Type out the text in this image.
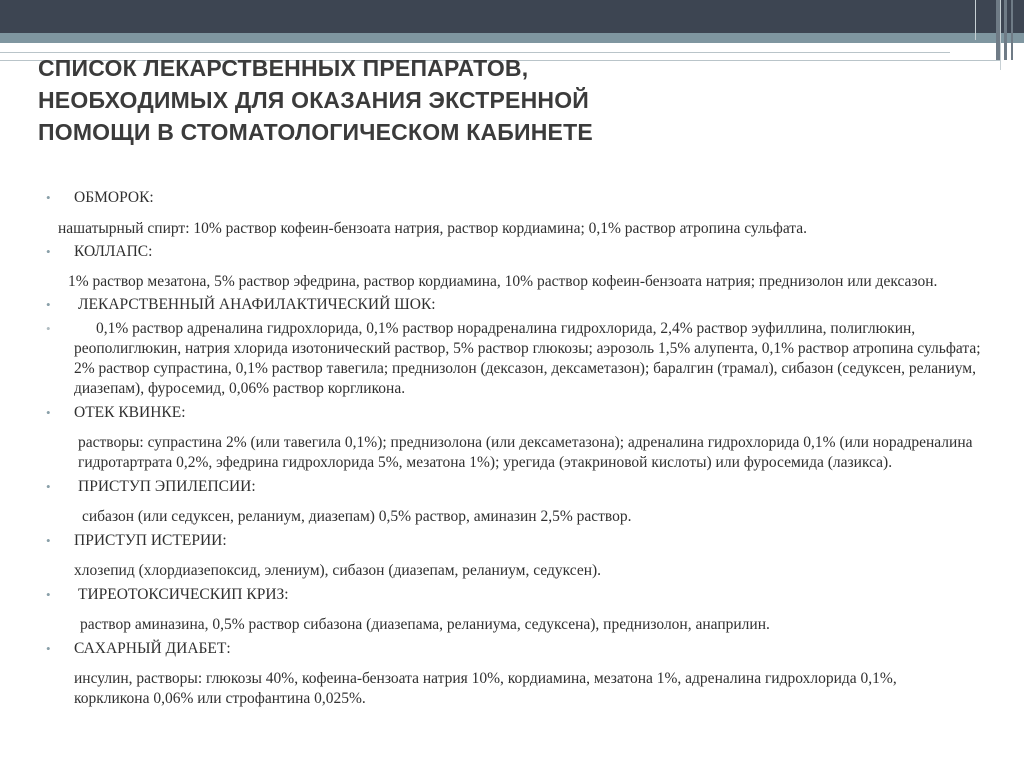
СПИСОК ЛЕКАРСТВЕННЫХ ПРЕПАРАТОВ,
НЕОБХОДИМЫХ ДЛЯ ОКАЗАНИЯ ЭКСТРЕННОЙ
ПОМОЩИ В СТОМАТОЛОГИЧЕСКОМ КАБИНЕТЕ
• ОБМОРОК:

нашатырный спирт: 10% раствор кофеин-бензоата натрия, раствор кордиамина; 0,1% раствор атропина сульфата.

• КОЛЛАПС:

1% раствор мезатона, 5% раствор эфедрина, раствор кордиамина, 10% раствор кофеин-бензоата натрия; преднизолон или дексазон.

• ЛЕКАРСТВЕННЫЙ АНАФИЛАКТИЧЕСКИЙ ШОК:
•	0,1% раствор адреналина гидрохлорида, 0,1% раствор норадреналина гидрохлорида, 2,4% раствор эуфиллина, полиглюкин, реополиглюкин, натрия хлорида изотонический раствор, 5% раствор глюкозы; аэрозоль 1,5% алупента, 0,1% раствор атропина сульфата; 2% раствор супрастина, 0,1% раствор тавегила; преднизолон (дексазон, дексаметазон); баралгин (трамал), сибазон (седуксен, реланиум, диазепам), фуросемид, 0,06% раствор коргликона.

• ОТЕК КВИНКЕ:

растворы: супрастина 2% (или тавегила 0,1%); преднизолона (или дексаметазона); адреналина гидрохлорида 0,1% (или норадреналина гидротартрата 0,2%, эфедрина гидрохлорида 5%, мезатона 1%); урегида (этакриновой кислоты) или фуросемида (лазикса).

• ПРИСТУП ЭПИЛЕПСИИ:

сибазон (или седуксен, реланиум, диазепам) 0,5% раствор, аминазин 2,5% раствор.

• ПРИСТУП ИСТЕРИИ:

хлозепид (хлордиазепоксид, элениум), сибазон (диазепам, реланиум, седуксен).

• ТИРЕОТОКСИЧЕСКИП КРИЗ:

раствор аминазина, 0,5% раствор сибазона (диазепама, реланиума, седуксена), преднизолон, анаприлин.

• САХАРНЫЙ ДИАБЕТ:

инсулин, растворы: глюкозы 40%, кофеина-бензоата натрия 10%, кордиамина, мезатона 1%, адреналина гидрохлорида 0,1%, коркликона 0,06% или строфантина 0,025%.
